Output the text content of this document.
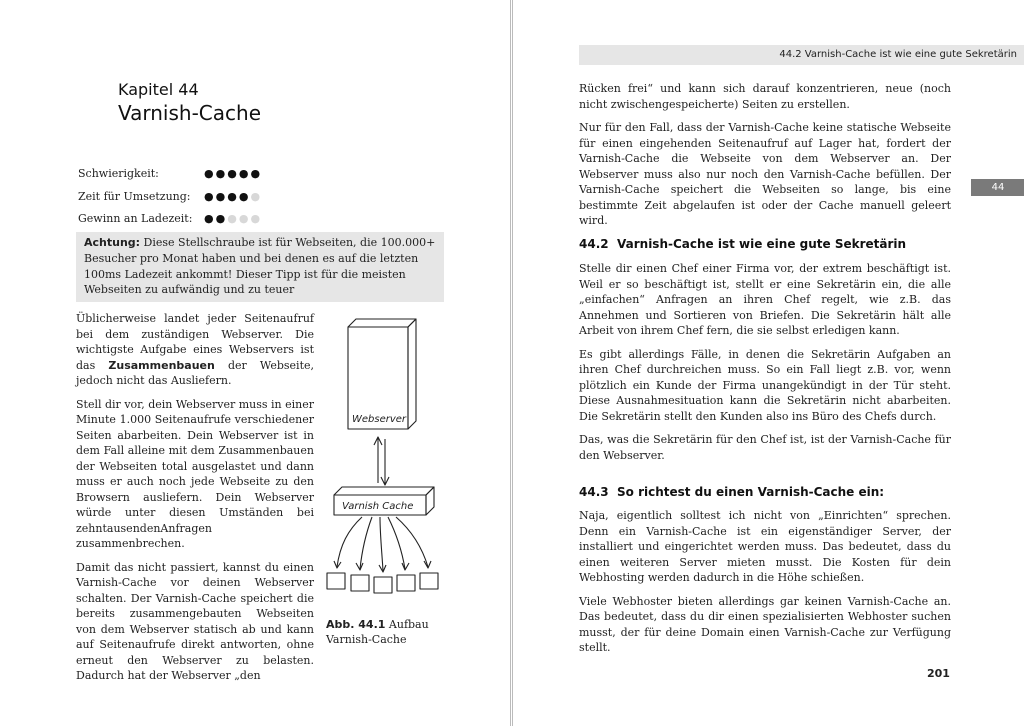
Kapitel 44
Varnish-Cache
Schwierigkeit:	●●●●●
Zeit für Umsetzung: ●●●●●
Gewinn an Ladezeit: ●●●●●
Achtung: Diese Stellschraube ist für Webseiten, die 100.000+ Besucher pro Monat haben und bei denen es auf die letzten 100ms Ladezeit ankommt! Dieser Tipp ist für die meisten Webseiten zu aufwändig und zu teuer

Üblicherweise landet jeder Seitenaufruf bei dem zuständigen Webserver. Die wichtigste Aufgabe eines Webservers ist das Zusammenbauen der Webseite, jedoch nicht das Ausliefern.

Stell dir vor, dein Webserver muss in einer Minute 1.000 Seitenaufrufe verschiedener Seiten abarbeiten. Dein Webserver ist in dem Fall alleine mit dem Zusammenbauen der Webseiten total ausgelastet und dann muss er auch noch jede Webseite zu den Browsern ausliefern. Dein Webserver würde unter diesen Umständen bei zehntausendenAnfragen zusammenbrechen.

Damit das nicht passiert, kannst du einen Varnish-Cache vor deinen Webserver schalten. Der Varnish-Cache speichert die bereits zusammengebauten Webseiten von dem Webserver statisch ab und kann auf Seitenaufrufe direkt antworten, ohne erneut den Webserver zu belasten. Dadurch hat der Webserver „den

Webserver
Varnish Cache
Abb. 44.1 Aufbau Varnish-Cache
44.2 Varnish-Cache ist wie eine gute Sekretärin
44

Rücken frei“ und kann sich darauf konzentrieren, neue (noch nicht zwischengespeicherte) Seiten zu erstellen.

Nur für den Fall, dass der Varnish-Cache keine statische Webseite für einen eingehenden Seitenaufruf auf Lager hat, fordert der Varnish-Cache die Webseite von dem Webserver an. Der Webserver muss also nur noch den Varnish-Cache befüllen. Der Varnish-Cache speichert die Webseiten so lange, bis eine bestimmte Zeit abgelaufen ist oder der Cache manuell geleert wird.

44.2 Varnish-Cache ist wie eine gute Sekretärin

Stelle dir einen Chef einer Firma vor, der extrem beschäftigt ist. Weil er so beschäftigt ist, stellt er eine Sekretärin ein, die alle „einfachen“ Anfragen an ihren Chef regelt, wie z.B. das Annehmen und Sortieren von Briefen. Die Sekretärin hält alle Arbeit von ihrem Chef fern, die sie selbst erledigen kann.

Es gibt allerdings Fälle, in denen die Sekretärin Aufgaben an ihren Chef durchreichen muss. So ein Fall liegt z.B. vor, wenn plötzlich ein Kunde der Firma unangekündigt in der Tür steht. Diese Ausnahmesituation kann die Sekretärin nicht abarbeiten. Die Sekretärin stellt den Kunden also ins Büro des Chefs durch.

Das, was die Sekretärin für den Chef ist, ist der Varnish-Cache für den Webserver.

44.3 So richtest du einen Varnish-Cache ein:

Naja, eigentlich solltest ich nicht von „Einrichten“ sprechen. Denn ein Varnish-Cache ist ein eigenständiger Server, der installiert und eingerichtet werden muss. Das bedeutet, dass du einen weiteren Server mieten musst. Die Kosten für dein Webhosting werden dadurch in die Höhe schießen.

Viele Webhoster bieten allerdings gar keinen Varnish-Cache an. Das bedeutet, dass du dir einen spezialisierten Webhoster suchen musst, der für deine Domain einen Varnish-Cache zur Verfügung stellt.

201
